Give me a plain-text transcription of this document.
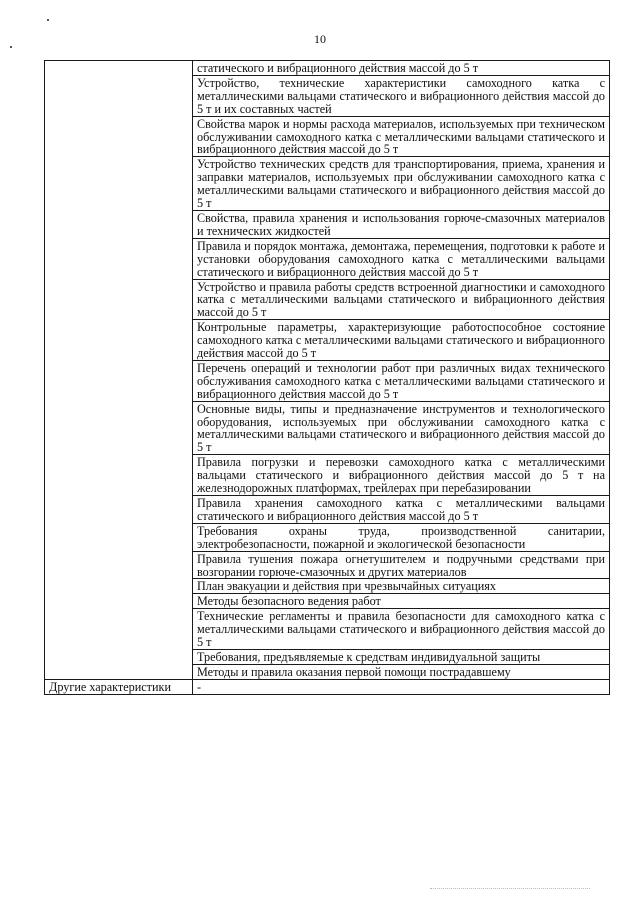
10
	статического и вибрационного действия массой до 5 т
	Устройство, технические характеристики самоходного катка с металлическими вальцами статического и вибрационного действия массой до 5 т и их составных частей
	Свойства марок и нормы расхода материалов, используемых при техническом обслуживании самоходного катка с металлическими вальцами статического и вибрационного действия массой до 5 т
	Устройство технических средств для транспортирования, приема, хранения и заправки материалов, используемых при обслуживании самоходного катка с металлическими вальцами статического и вибрационного действия массой до 5 т
	Свойства, правила хранения и использования горюче-смазочных материалов и технических жидкостей
	Правила и порядок монтажа, демонтажа, перемещения, подготовки к работе и установки оборудования самоходного катка с металлическими вальцами статического и вибрационного действия массой до 5 т
	Устройство и правила работы средств встроенной диагностики и самоходного катка с металлическими вальцами статического и вибрационного действия массой до 5 т
	Контрольные параметры, характеризующие работоспособное состояние самоходного катка с металлическими вальцами статического и вибрационного действия массой до 5 т
	Перечень операций и технологии работ при различных видах технического обслуживания самоходного катка с металлическими вальцами статического и вибрационного действия массой до 5 т
	Основные виды, типы и предназначение инструментов и технологического оборудования, используемых при обслуживании самоходного катка с металлическими вальцами статического и вибрационного действия массой до 5 т
	Правила погрузки и перевозки самоходного катка с металлическими вальцами статического и вибрационного действия массой до 5 т на железнодорожных платформах, трейлерах при перебазировании
	Правила хранения самоходного катка с металлическими вальцами статического и вибрационного действия массой до 5 т
	Требования охраны труда, производственной санитарии, электробезопасности, пожарной и экологической безопасности
	Правила тушения пожара огнетушителем и подручными средствами при возгорании горюче-смазочных и других материалов
	План эвакуации и действия при чрезвычайных ситуациях
	Методы безопасного ведения работ
	Технические регламенты и правила безопасности для самоходного катка с металлическими вальцами статического и вибрационного действия массой до 5 т
	Требования, предъявляемые к средствам индивидуальной защиты
	Методы и правила оказания первой помощи пострадавшему
Другие характеристики	-
